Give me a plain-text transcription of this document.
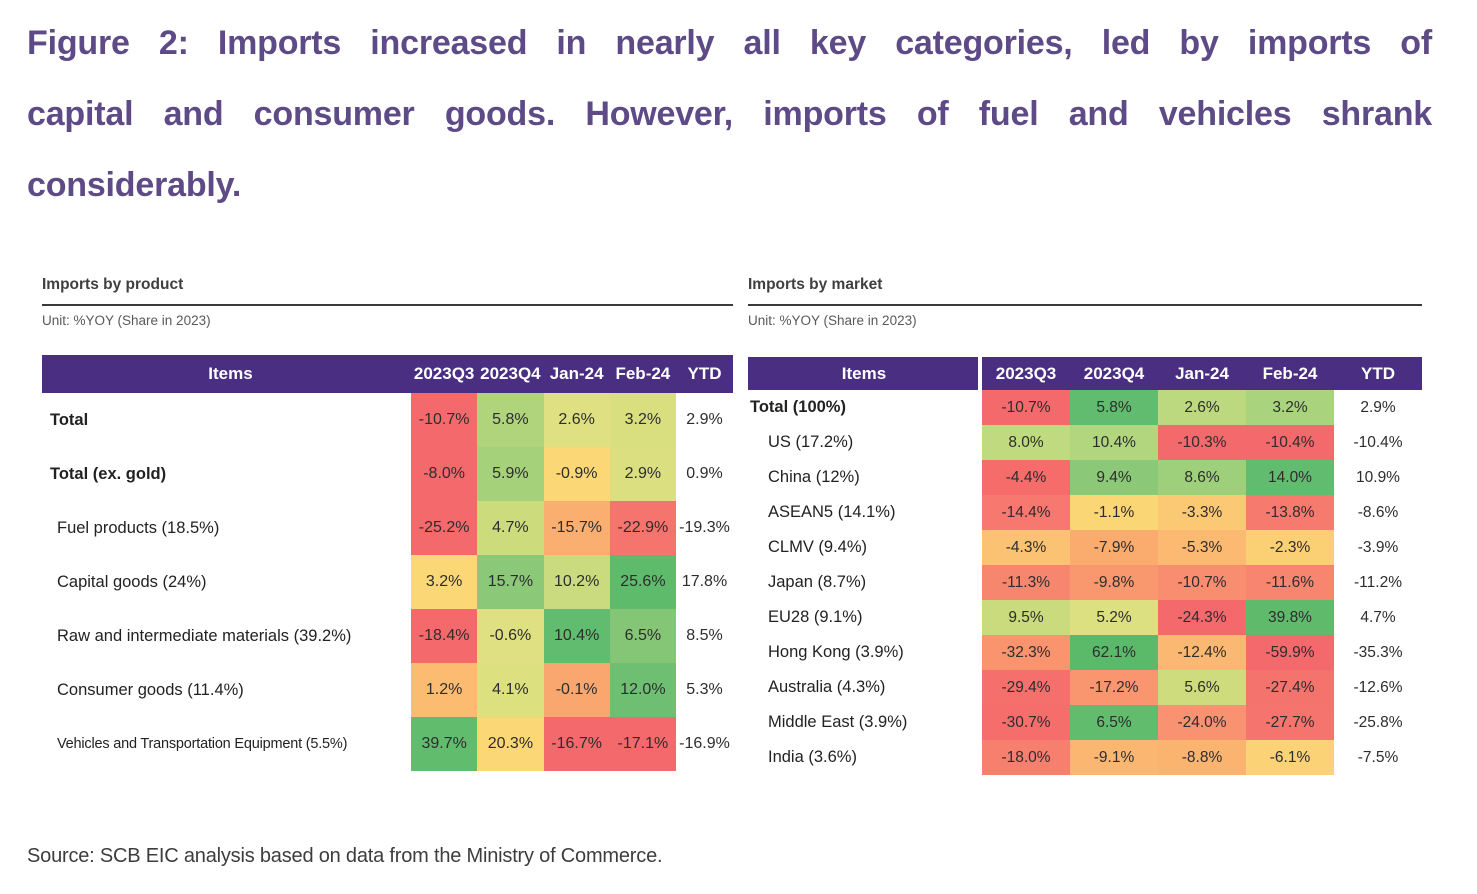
Figure 2: Imports increased in nearly all key categories, led by imports of
capital and consumer goods. However, imports of fuel and vehicles shrank
considerably.
Imports by product
Unit: %YOY (Share in 2023)
Items	2023Q3 2023Q4 Jan-24 Feb-24	YTD
Total	-10.7%	5.8%	2.6%	3.2%	2.9%
Total (ex. gold)	-8.0%	5.9%	-0.9%	2.9%	0.9%
Fuel products (18.5%)	-25.2%	4.7%	-15.7% -22.9% -19.3%
Capital goods (24%)	3.2%	15.7%	10.2%	25.6%	17.8%
Raw and intermediate materials (39.2%)	-18.4%	-0.6%	10.4%	6.5%	8.5%
Consumer goods (11.4%)	1.2%	4.1%	-0.1%	12.0%	5.3%
Vehicles and Transportation Equipment (5.5%)	39.7%	20.3%	-16.7% -17.1% -16.9%
Imports by market
Unit: %YOY (Share in 2023)
Items	2023Q3	2023Q4	Jan-24	Feb-24	YTD
Total (100%)	-10.7%	5.8%	2.6%	3.2%	2.9%
US (17.2%)	8.0%	10.4%	-10.3%	-10.4%	-10.4%
China (12%)	-4.4%	9.4%	8.6%	14.0%	10.9%
ASEAN5 (14.1%)	-14.4%	-1.1%	-3.3%	-13.8%	-8.6%
CLMV (9.4%)	-4.3%	-7.9%	-5.3%	-2.3%	-3.9%
Japan (8.7%)	-11.3%	-9.8%	-10.7%	-11.6%	-11.2%
EU28 (9.1%)	9.5%	5.2%	-24.3%	39.8%	4.7%
Hong Kong (3.9%)	-32.3%	62.1%	-12.4%	-59.9%	-35.3%
Australia (4.3%)	-29.4%	-17.2%	5.6%	-27.4%	-12.6%
Middle East (3.9%)	-30.7%	6.5%	-24.0%	-27.7%	-25.8%
India (3.6%)	-18.0%	-9.1%	-8.8%	-6.1%	-7.5%
Source: SCB EIC analysis based on data from the Ministry of Commerce.
